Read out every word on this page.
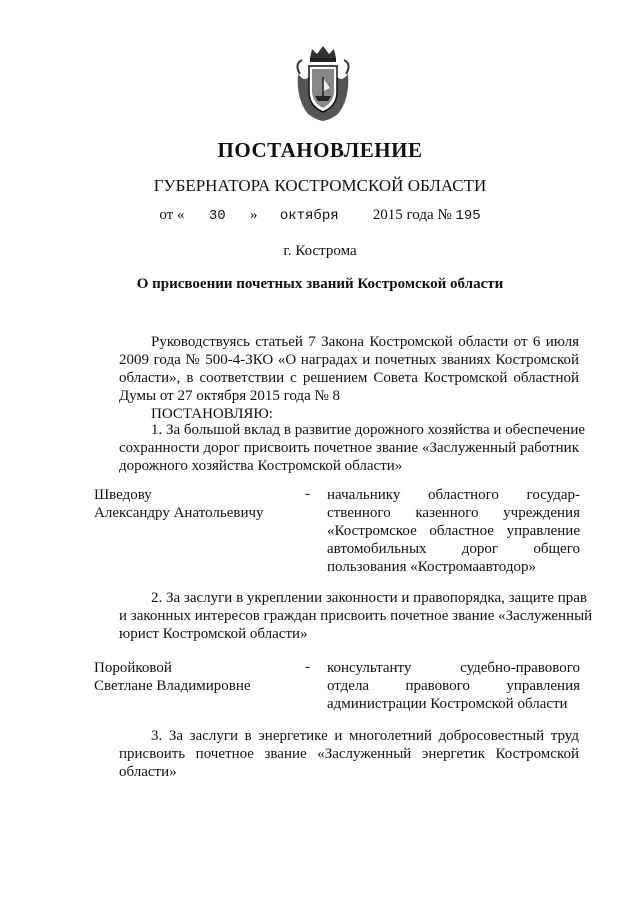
ПОСТАНОВЛЕНИЕ
ГУБЕРНАТОРА КОСТРОМСКОЙ ОБЛАСТИ
от « 30 » октября 2015 года № 195
г. Кострома
О присвоении почетных званий Костромской области
Руководствуясь статьей 7 Закона Костромской области от 6 июля
2009 года № 500-4-ЗКО «О наградах и почетных званиях Костромской
области», в соответствии с решением Совета Костромской областной
Думы от 27 октября 2015 года № 8
ПОСТАНОВЛЯЮ:
1. За большой вклад в развитие дорожного хозяйства и обеспечение
сохранности дорог присвоить почетное звание «Заслуженный работник
дорожного хозяйства Костромской области»
Шведову
Александру Анатольевичу
- начальнику областного государ-
ственного казенного учреждения
«Костромское областное управление
автомобильных дорог общего
пользования «Костромаавтодор»
2. За заслуги в укреплении законности и правопорядка, защите прав
и законных интересов граждан присвоить почетное звание «Заслуженный
юрист Костромской области»
Поройковой
Светлане Владимировне
- консультанту судебно-правового
отдела правового управления
администрации Костромской области
3. За заслуги в энергетике и многолетний добросовестный труд
присвоить почетное звание «Заслуженный энергетик Костромской
области»
